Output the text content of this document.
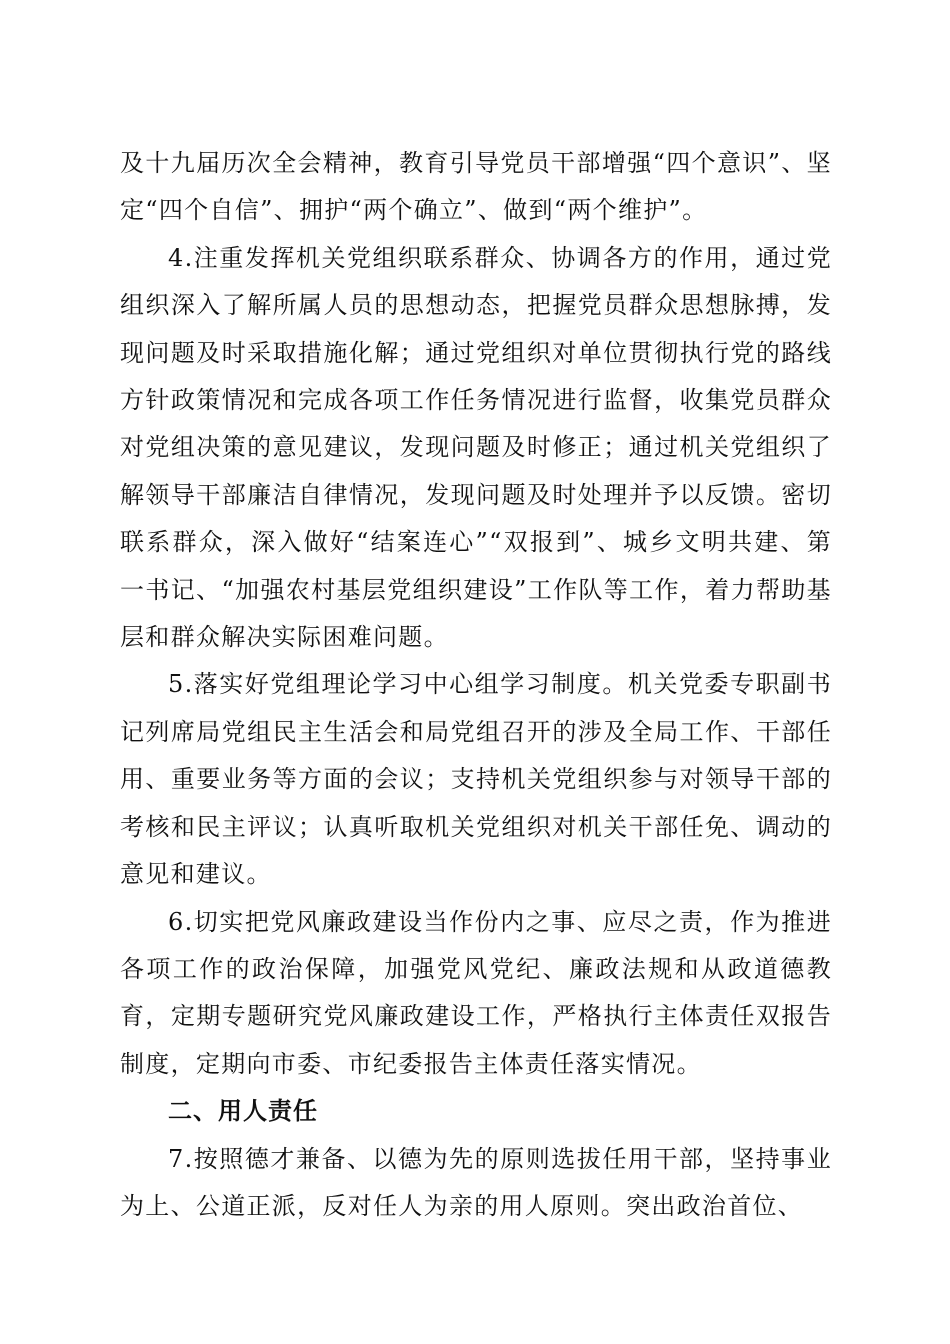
及十九届历次全会精神，教育引导党员干部增强“四个意识”、坚定“四个自信”、拥护“两个确立”、做到“两个维护”。

4.注重发挥机关党组织联系群众、协调各方的作用，通过党组织深入了解所属人员的思想动态，把握党员群众思想脉搏，发现问题及时采取措施化解；通过党组织对单位贯彻执行党的路线方针政策情况和完成各项工作任务情况进行监督，收集党员群众对党组决策的意见建议，发现问题及时修正；通过机关党组织了解领导干部廉洁自律情况，发现问题及时处理并予以反馈。密切联系群众，深入做好“结案连心”“双报到”、城乡文明共建、第一书记、“加强农村基层党组织建设”工作队等工作，着力帮助基层和群众解决实际困难问题。

5.落实好党组理论学习中心组学习制度。机关党委专职副书记列席局党组民主生活会和局党组召开的涉及全局工作、干部任用、重要业务等方面的会议；支持机关党组织参与对领导干部的考核和民主评议；认真听取机关党组织对机关干部任免、调动的意见和建议。

6.切实把党风廉政建设当作份内之事、应尽之责，作为推进各项工作的政治保障，加强党风党纪、廉政法规和从政道德教育，定期专题研究党风廉政建设工作，严格执行主体责任双报告制度，定期向市委、市纪委报告主体责任落实情况。

二、用人责任

7.按照德才兼备、以德为先的原则选拔任用干部，坚持事业为上、公道正派，反对任人为亲的用人原则。突出政治首位、
